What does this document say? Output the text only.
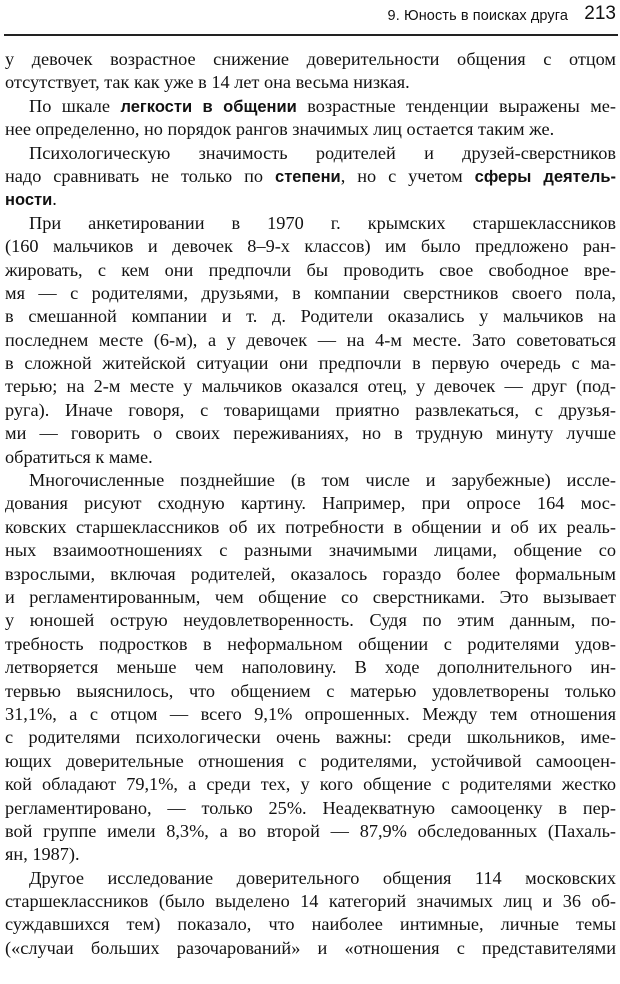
9. Юность в поисках друга 213
у девочек возрастное снижение доверительности общения с отцом
отсутствует, так как уже в 14 лет она весьма низкая.
По шкале легкости в общении возрастные тенденции выражены ме-
нее определенно, но порядок рангов значимых лиц остается таким же.
Психологическую значимость родителей и друзей-сверстников
надо сравнивать не только по степени, но с учетом сферы деятель-
ности.
При анкетировании в 1970 г. крымских старшеклассников
(160 мальчиков и девочек 8–9-х классов) им было предложено ран-
жировать, с кем они предпочли бы проводить свое свободное вре-
мя — с родителями, друзьями, в компании сверстников своего пола,
в смешанной компании и т. д. Родители оказались у мальчиков на
последнем месте (6-м), а у девочек — на 4-м месте. Зато советоваться
в сложной житейской ситуации они предпочли в первую очередь с ма-
терью; на 2-м месте у мальчиков оказался отец, у девочек — друг (под-
руга). Иначе говоря, с товарищами приятно развлекаться, с друзья-
ми — говорить о своих переживаниях, но в трудную минуту лучше
обратиться к маме.
Многочисленные позднейшие (в том числе и зарубежные) иссле-
дования рисуют сходную картину. Например, при опросе 164 мос-
ковских старшеклассников об их потребности в общении и об их реаль-
ных взаимоотношениях с разными значимыми лицами, общение со
взрослыми, включая родителей, оказалось гораздо более формальным
и регламентированным, чем общение со сверстниками. Это вызывает
у юношей острую неудовлетворенность. Судя по этим данным, по-
требность подростков в неформальном общении с родителями удов-
летворяется меньше чем наполовину. В ходе дополнительного ин-
тервью выяснилось, что общением с матерью удовлетворены только
31,1%, а с отцом — всего 9,1% опрошенных. Между тем отношения
с родителями психологически очень важны: среди школьников, име-
ющих доверительные отношения с родителями, устойчивой самооцен-
кой обладают 79,1%, а среди тех, у кого общение с родителями жестко
регламентировано, — только 25%. Неадекватную самооценку в пер-
вой группе имели 8,3%, а во второй — 87,9% обследованных (Пахаль-
ян, 1987).
Другое исследование доверительного общения 114 московских
старшеклассников (было выделено 14 категорий значимых лиц и 36 об-
суждавшихся тем) показало, что наиболее интимные, личные темы
(«случаи больших разочарований» и «отношения с представителями
